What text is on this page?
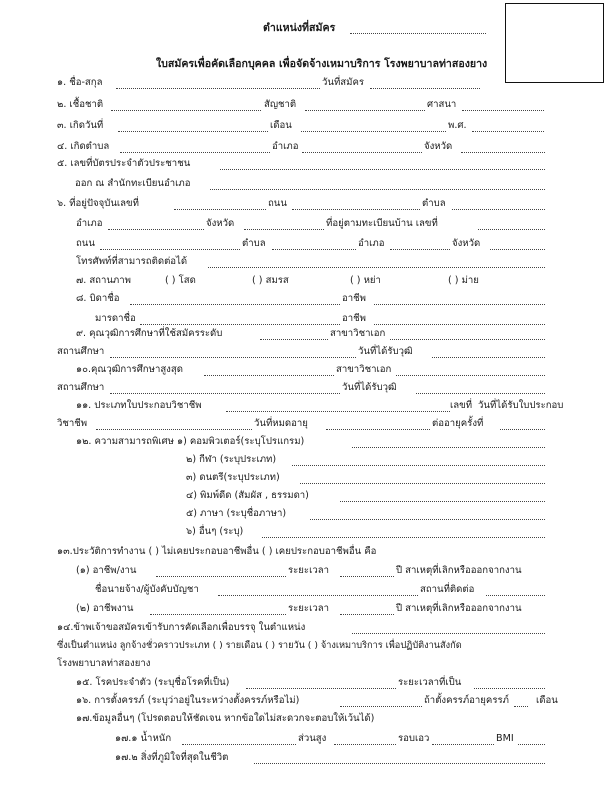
ตำแหน่งที่สมัคร
ใบสมัครเพื่อคัดเลือกบุคคล เพื่อจัดจ้างเหมาบริการ โรงพยาบาลท่าสองยาง
๑. ชื่อ-สกุล	วันที่สมัคร
๒. เชื้อชาติ	สัญชาติ	ศาสนา
๓. เกิดวันที่	เดือน	พ.ศ.
๔. เกิดตำบล	อำเภอ	จังหวัด
๕. เลขที่บัตรประจำตัวประชาชน
ออก ณ สำนักทะเบียนอำเภอ
๖. ที่อยู่ปัจจุบันเลขที่	ถนน	ตำบล
อำเภอ	จังหวัด	ที่อยู่ตามทะเบียนบ้าน เลขที่
ถนน	ตำบล	อำเภอ	จังหวัด
โทรศัพท์ที่สามารถติดต่อได้
๗. สถานภาพ	( ) โสด	( ) สมรส	( ) หย่า	( ) ม่าย
๘. บิดาชื่อ	อาชีพ
มารดาชื่อ	อาชีพ
๙. คุณวุฒิการศึกษาที่ใช้สมัครระดับ	สาขาวิชาเอก
สถานศึกษา	วันที่ได้รับวุฒิ
๑๐.คุณวุฒิการศึกษาสูงสุด	สาขาวิชาเอก
สถานศึกษา	วันที่ได้รับวุฒิ
๑๑. ประเภทใบประกอบวิชาชีพ	เลขที่ วันที่ได้รับใบประกอบ
วิชาชีพ	วันที่หมดอายุ	ต่ออายุครั้งที่
๑๒. ความสามารถพิเศษ ๑) คอมพิวเตอร์(ระบุโปรแกรม)
๒) กีฬา (ระบุประเภท)
๓) ดนตรี(ระบุประเภท)
๔) พิมพ์ดีด (สัมผัส , ธรรมดา)
๕) ภาษา (ระบุชื่อภาษา)
๖) อื่นๆ (ระบุ)
๑๓.ประวัติการทำงาน ( ) ไม่เคยประกอบอาชีพอื่น ( ) เคยประกอบอาชีพอื่น คือ
(๑) อาชีพ/งาน	ระยะเวลา	ปี สาเหตุที่เลิกหรือออกจากงาน
ชื่อนายจ้าง/ผู้บังคับบัญชา	สถานที่ติดต่อ
(๒) อาชีพงาน	ระยะเวลา	ปี สาเหตุที่เลิกหรือออกจากงาน
๑๔.ข้าพเจ้าขอสมัครเข้ารับการคัดเลือกเพื่อบรรจุ ในตำแหน่ง
ซึ่งเป็นตำแหน่ง ลูกจ้างชั่วคราวประเภท ( ) รายเดือน ( ) รายวัน ( ) จ้างเหมาบริการ เพื่อปฏิบัติงานสังกัด
โรงพยาบาลท่าสองยาง
๑๕. โรคประจำตัว (ระบุชื่อโรคที่เป็น)	ระยะเวลาที่เป็น
๑๖. การตั้งครรภ์ (ระบุว่าอยู่ในระหว่างตั้งครรภ์หรือไม่)	ถ้าตั้งครรภ์อายุครรภ์	เดือน
๑๗.ข้อมูลอื่นๆ (โปรดตอบให้ชัดเจน หากข้อใดไม่สะดวกจะตอบให้เว้นได้)
๑๗.๑ น้ำหนัก	ส่วนสูง	รอบเอว	BMI
๑๗.๒ สิ่งที่ภูมิใจที่สุดในชีวิต
